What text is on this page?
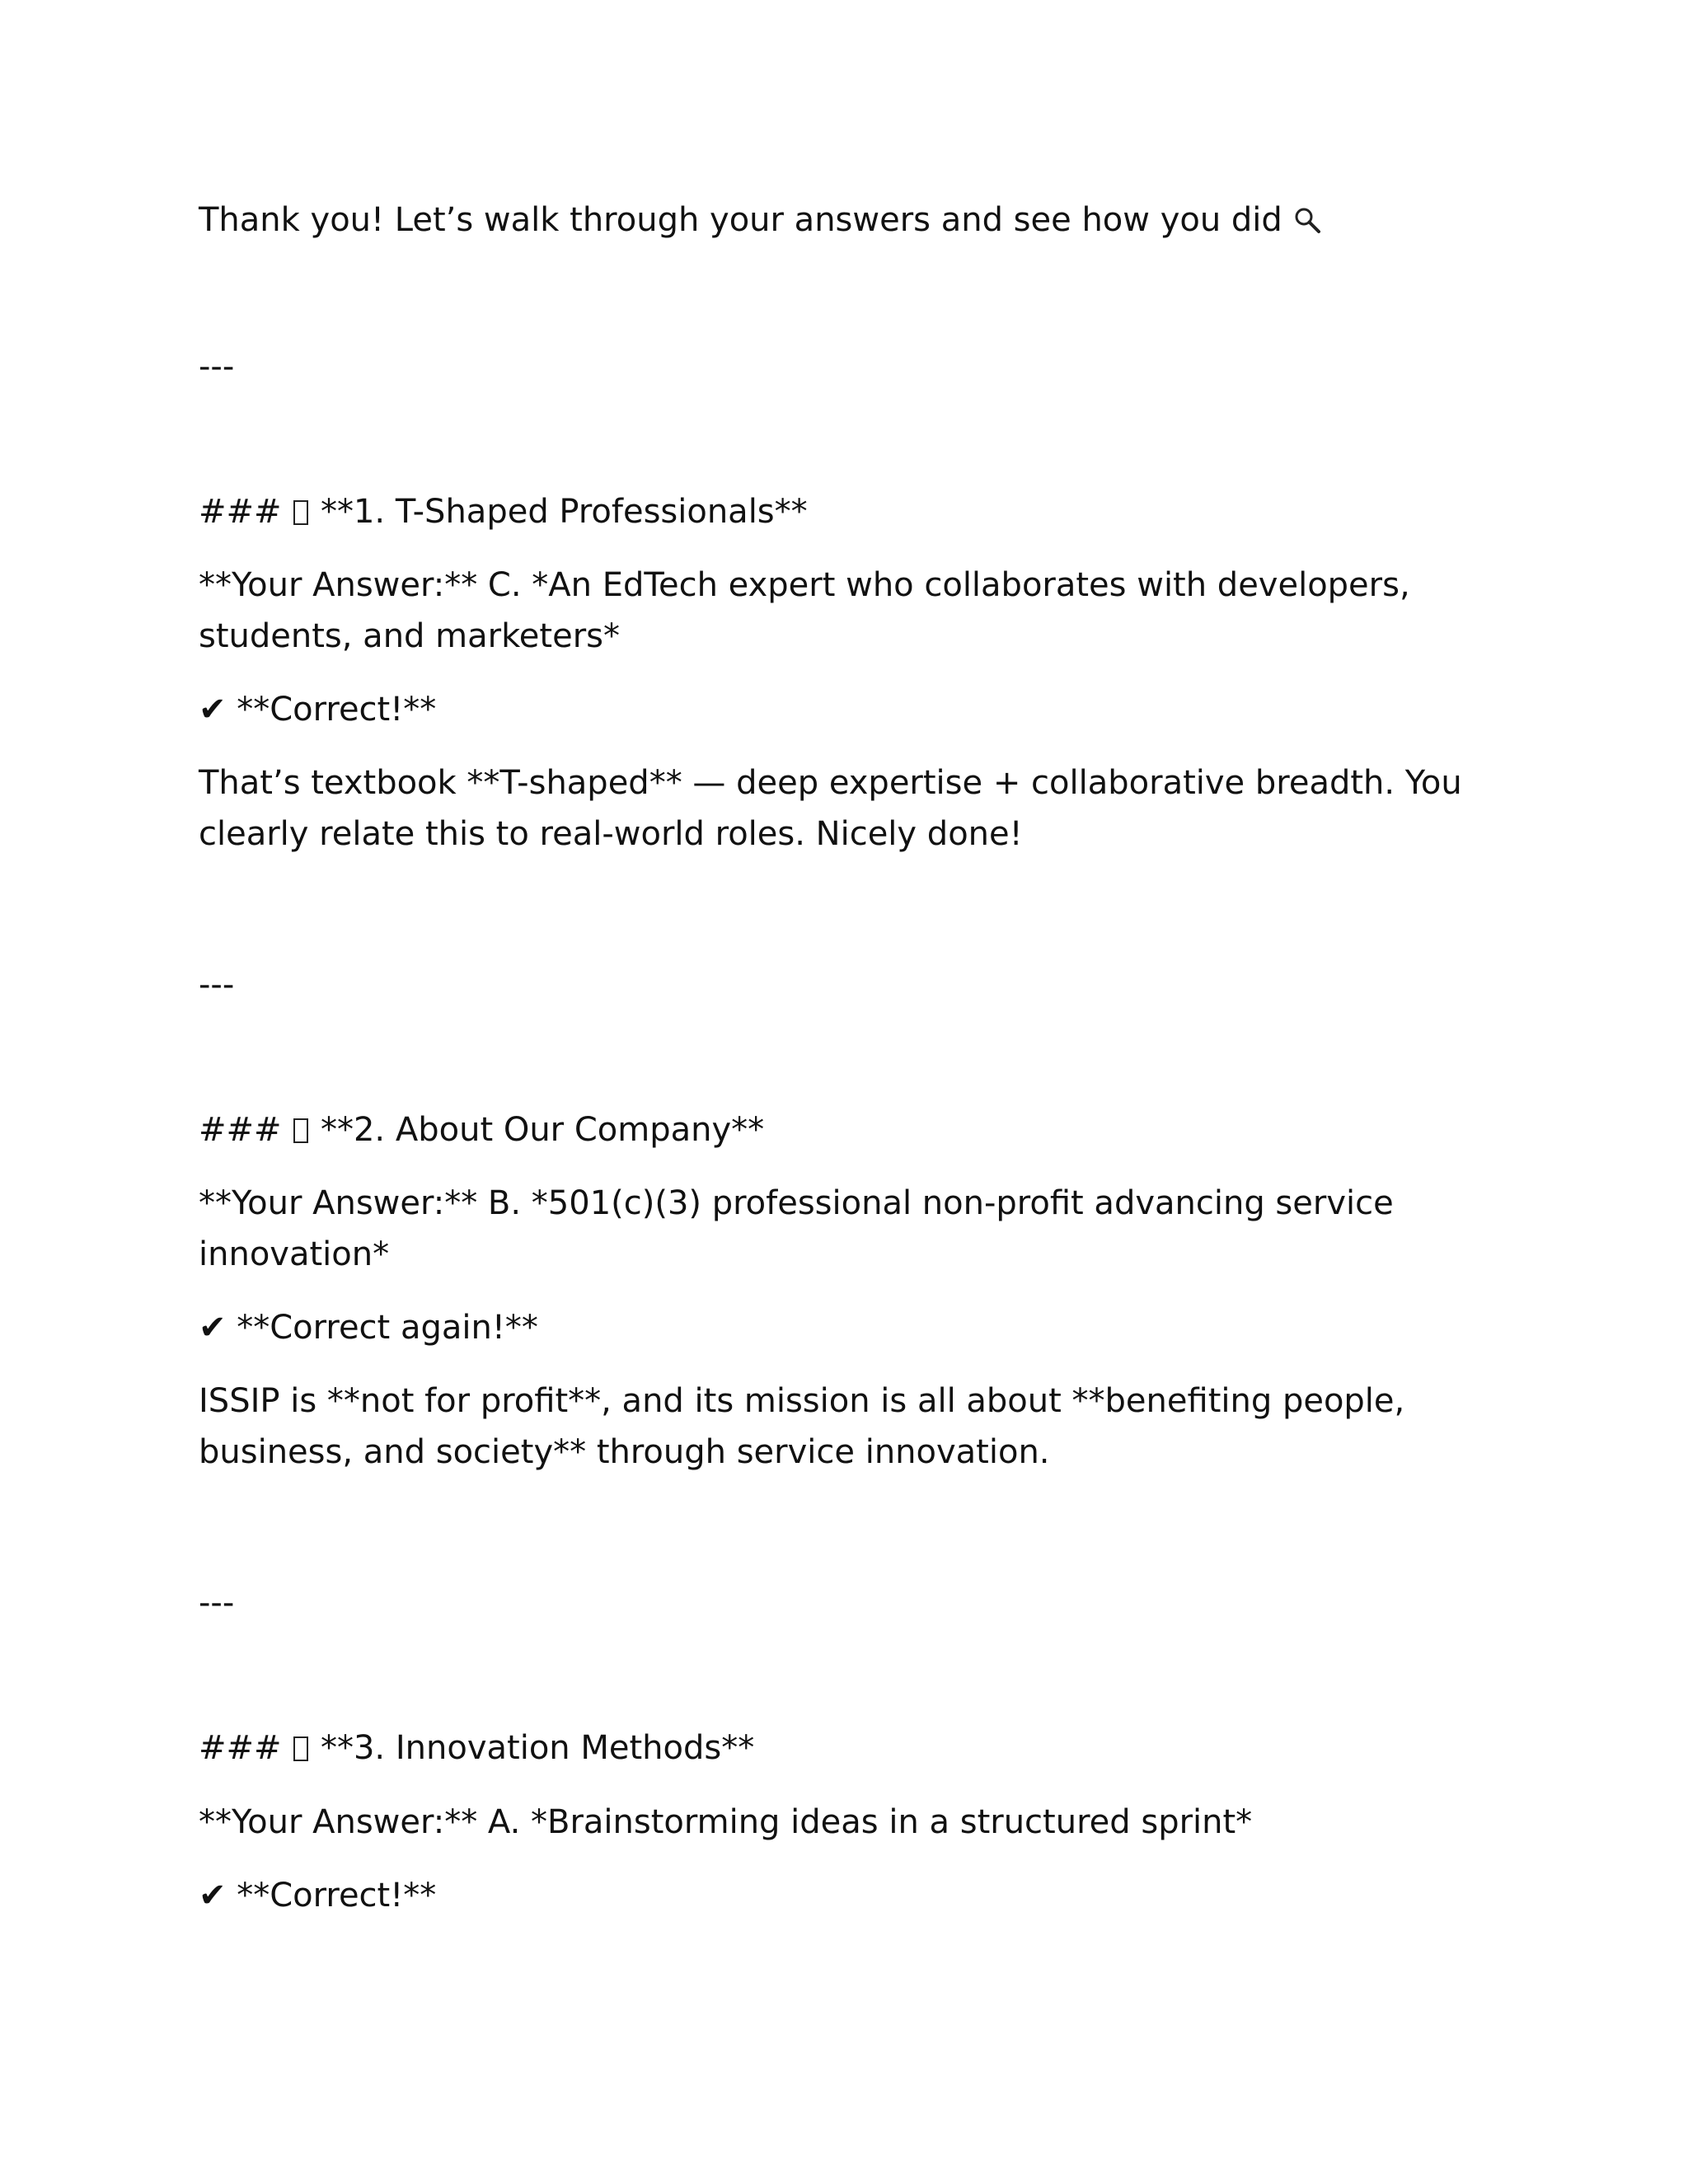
Thank you! Let’s walk through your answers and see how you did
---
### **1. T-Shaped Professionals**
**Your Answer:** C. *An EdTech expert who collaborates with developers,
students, and marketers*
✔ **Correct!**
That’s textbook **T-shaped** — deep expertise + collaborative breadth. You
clearly relate this to real-world roles. Nicely done!
---
### **2. About Our Company**
**Your Answer:** B. *501(c)(3) professional non-profit advancing service
innovation*
✔ **Correct again!**
ISSIP is **not for profit**, and its mission is all about **benefiting people,
business, and society** through service innovation.
---
### **3. Innovation Methods**
**Your Answer:** A. *Brainstorming ideas in a structured sprint*
✔ **Correct!**
